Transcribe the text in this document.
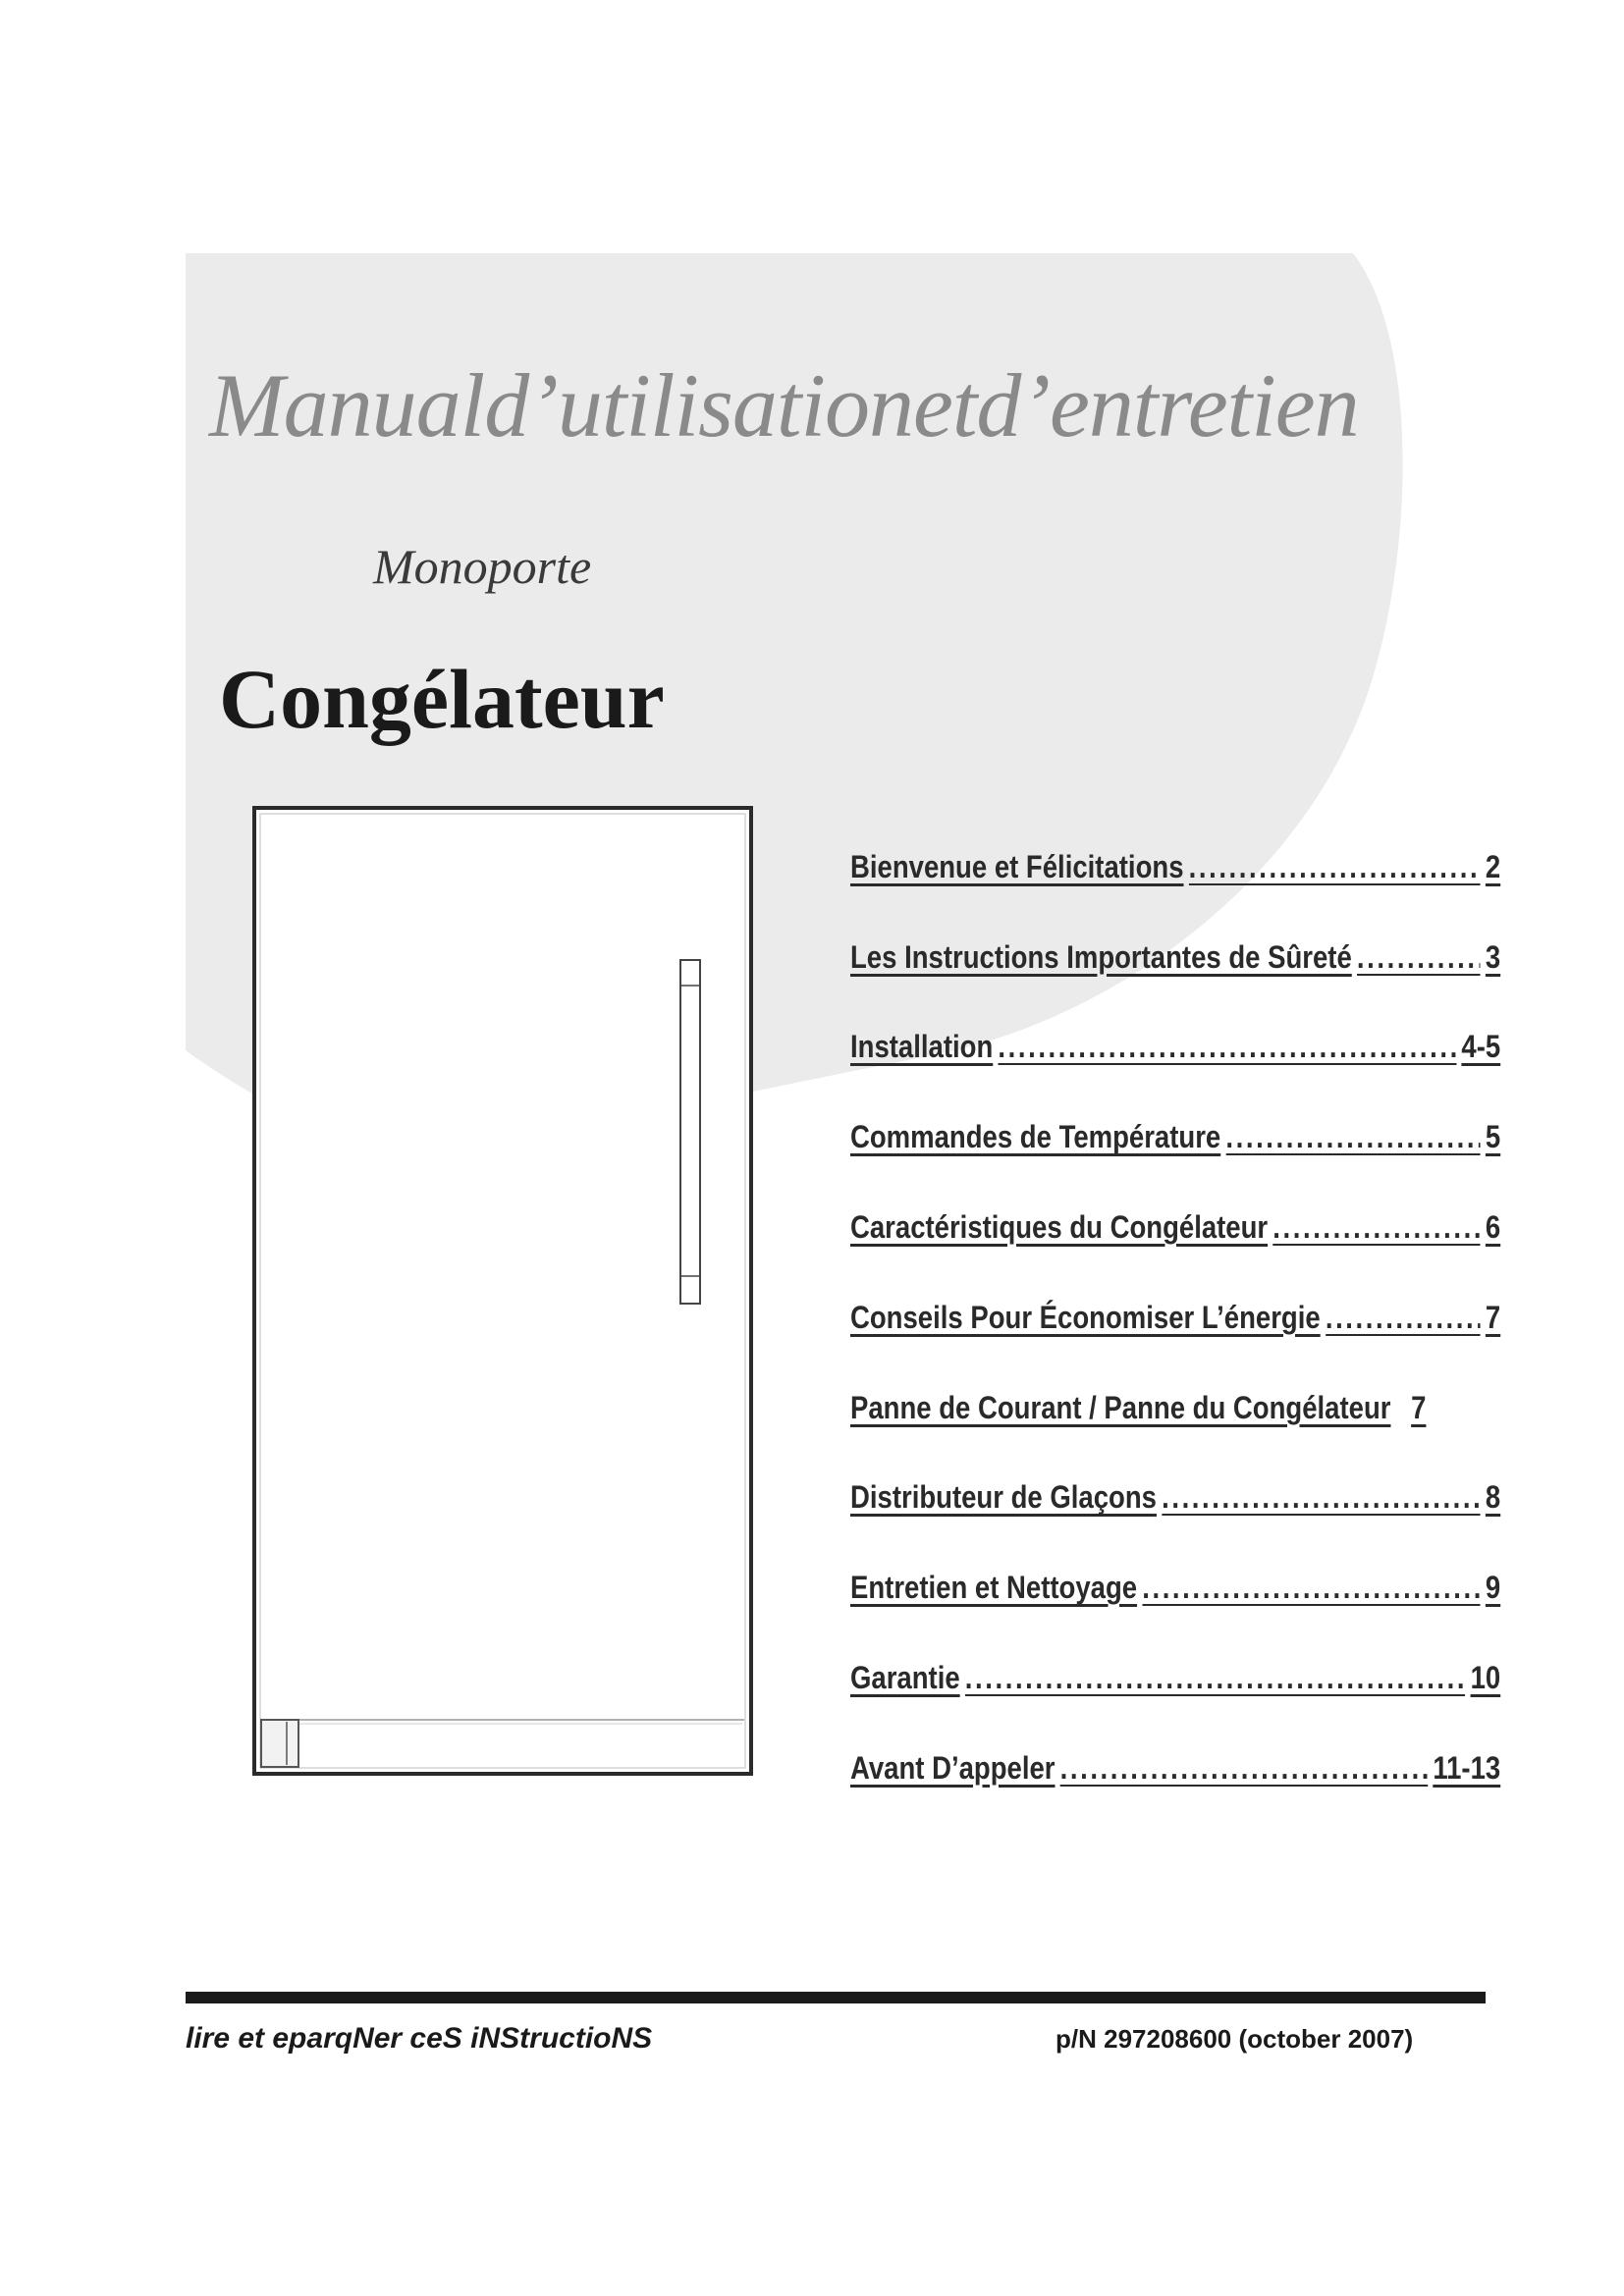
Manuald’utilisationetd’entretien
Monoporte
Congélateur
Bienvenue et Félicitations .....	2
Les Instructions Importantes de Sûreté .....	3
Installation .....	4-5
Commandes de Température .....	5
Caractéristiques du Congélateur .....	6
Conseils Pour Économiser L’énergie .....	7
Panne de Courant / Panne du Congélateur 7
Distributeur de Glaçons .....	8
Entretien et Nettoyage .....	9
Garantie .....	10
Avant D’appeler .....	11-13
lire et eparqNer ceS iNStructioNS	p/N 297208600 (october 2007)
